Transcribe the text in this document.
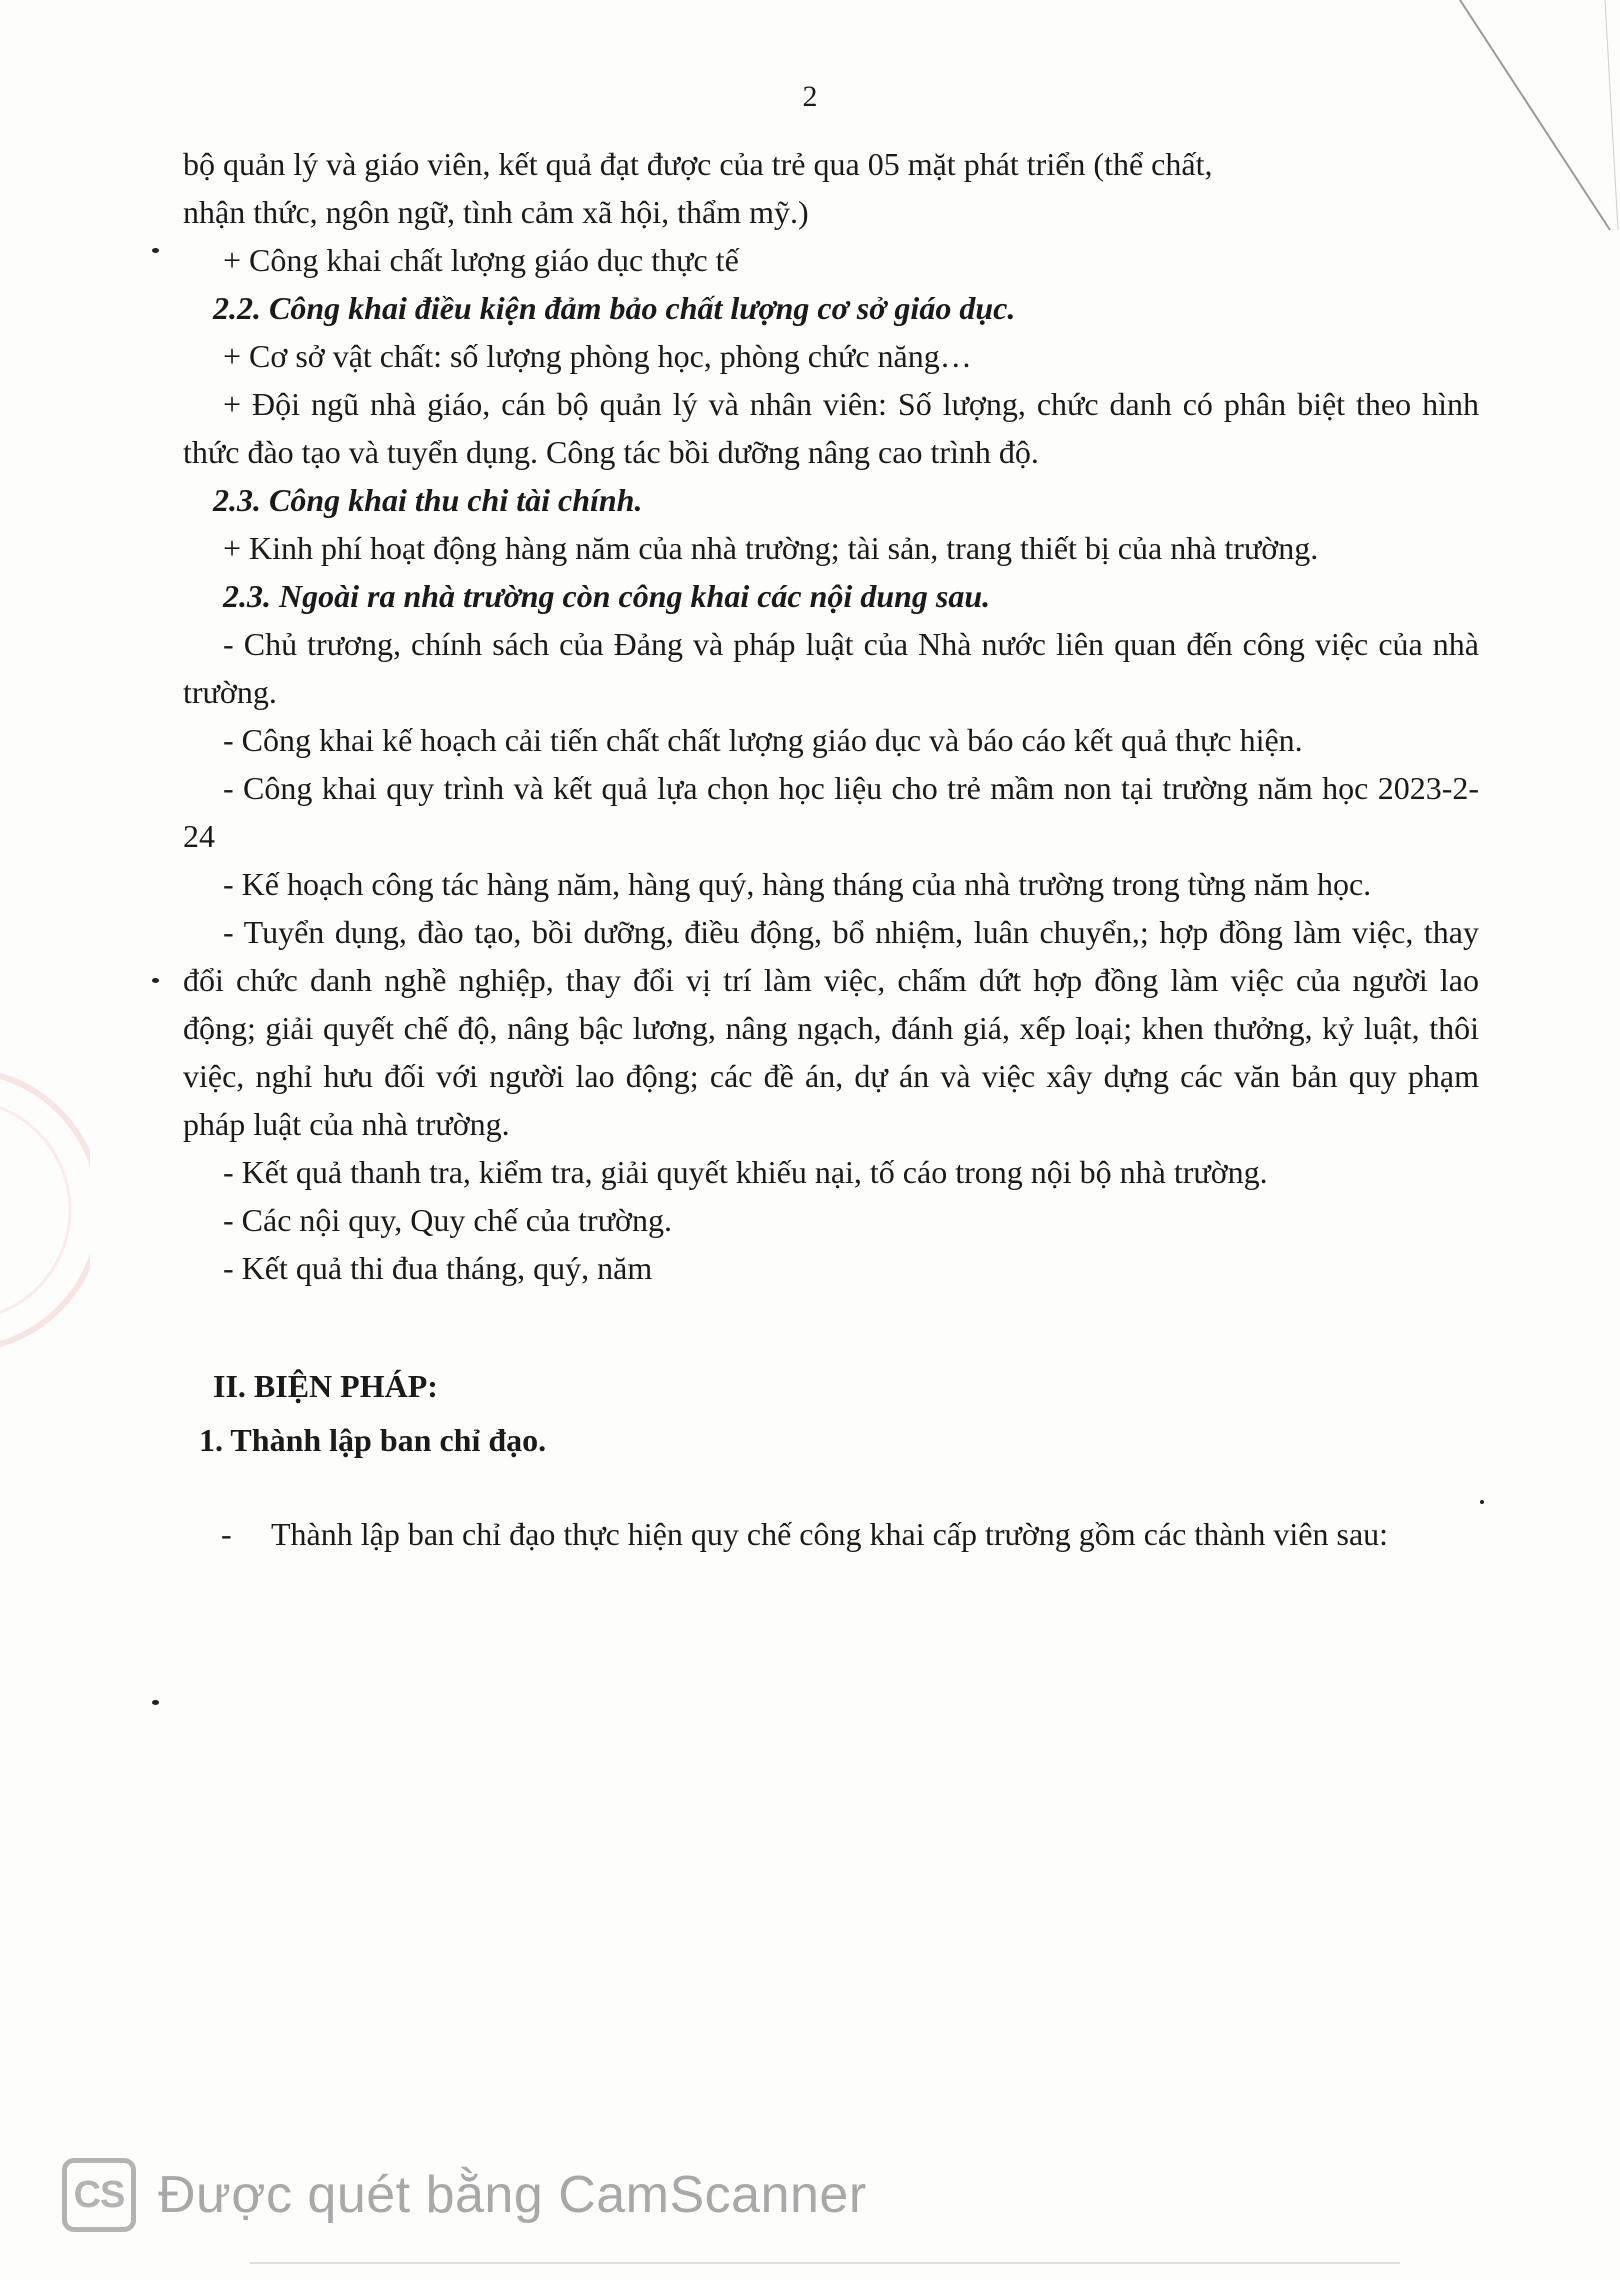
2

bộ quản lý và giáo viên, kết quả đạt được của trẻ qua 05 mặt phát triển (thể chất,

nhận thức, ngôn ngữ, tình cảm xã hội, thẩm mỹ.)

+ Công khai chất lượng giáo dục thực tế

2.2. Công khai điều kiện đảm bảo chất lượng cơ sở giáo dục.

+ Cơ sở vật chất: số lượng phòng học, phòng chức năng…

+ Đội ngũ nhà giáo, cán bộ quản lý và nhân viên: Số lượng, chức danh có phân biệt theo hình thức đào tạo và tuyển dụng. Công tác bồi dưỡng nâng cao trình độ.

2.3. Công khai thu chi tài chính.

+ Kinh phí hoạt động hàng năm của nhà trường; tài sản, trang thiết bị của nhà trường.

2.3. Ngoài ra nhà trường còn công khai các nội dung sau.

- Chủ trương, chính sách của Đảng và pháp luật của Nhà nước liên quan đến công việc của nhà trường.

- Công khai kế hoạch cải tiến chất chất lượng giáo dục và báo cáo kết quả thực hiện.

- Công khai quy trình và kết quả lựa chọn học liệu cho trẻ mầm non tại trường năm học 2023-2-24

- Kế hoạch công tác hàng năm, hàng quý, hàng tháng của nhà trường trong từng năm học.

- Tuyển dụng, đào tạo, bồi dưỡng, điều động, bổ nhiệm, luân chuyển,; hợp đồng làm việc, thay đổi chức danh nghề nghiệp, thay đổi vị trí làm việc, chấm dứt hợp đồng làm việc của người lao động; giải quyết chế độ, nâng bậc lương, nâng ngạch, đánh giá, xếp loại; khen thưởng, kỷ luật, thôi việc, nghỉ hưu đối với người lao động; các đề án, dự án và việc xây dựng các văn bản quy phạm pháp luật của nhà trường.

- Kết quả thanh tra, kiểm tra, giải quyết khiếu nại, tố cáo trong nội bộ nhà trường.

- Các nội quy, Quy chế của trường.

- Kết quả thi đua tháng, quý, năm

II. BIỆN PHÁP:

1. Thành lập ban chỉ đạo.

- Thành lập ban chỉ đạo thực hiện quy chế công khai cấp trường gồm các thành viên sau:
CS Được quét bằng CamScanner
